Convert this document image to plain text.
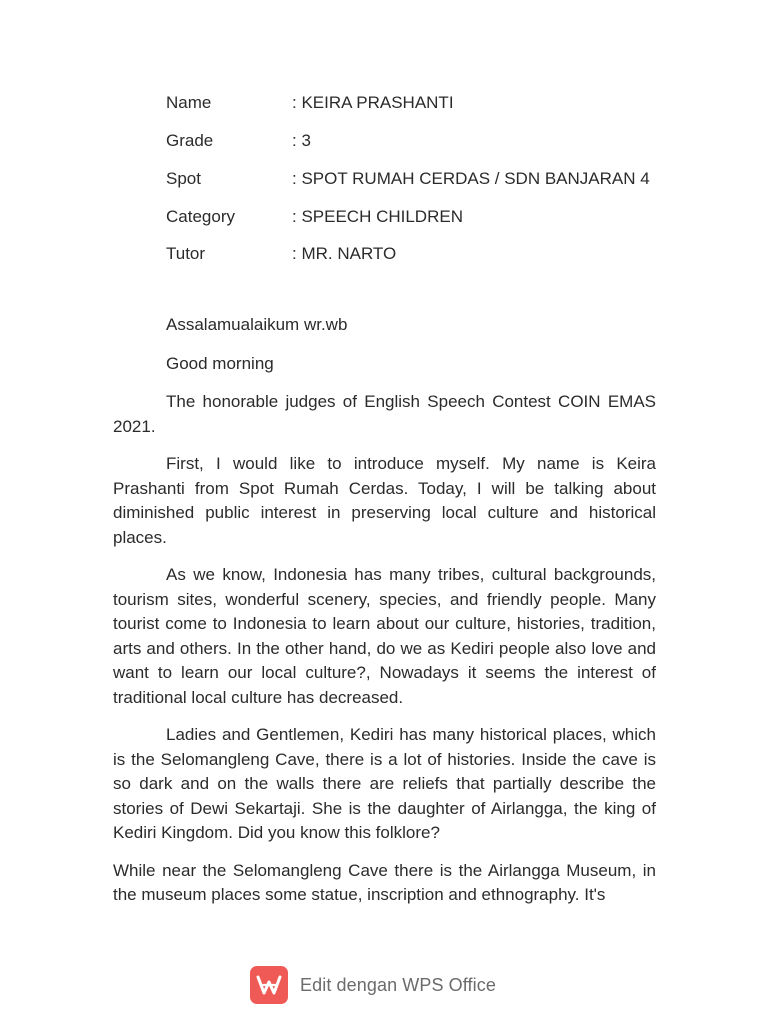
Name	: KEIRA PRASHANTI
Grade	: 3
Spot	: SPOT RUMAH CERDAS / SDN BANJARAN 4
Category	: SPEECH CHILDREN
Tutor	: MR. NARTO

Assalamualaikum wr.wb

Good morning

The honorable judges of English Speech Contest COIN EMAS 2021.

First, I would like to introduce myself. My name is Keira Prashanti from Spot Rumah Cerdas. Today, I will be talking about diminished public interest in preserving local culture and historical places.

As we know, Indonesia has many tribes, cultural backgrounds, tourism sites, wonderful scenery, species, and friendly people. Many tourist come to Indonesia to learn about our culture, histories, tradition, arts and others. In the other hand, do we as Kediri people also love and want to learn our local culture?, Nowadays it seems the interest of traditional local culture has decreased.

Ladies and Gentlemen, Kediri has many historical places, which is the Selomangleng Cave, there is a lot of histories. Inside the cave is so dark and on the walls there are reliefs that partially describe the stories of Dewi Sekartaji. She is the daughter of Airlangga, the king of Kediri Kingdom. Did you know this folklore?

While near the Selomangleng Cave there is the Airlangga Museum, in the museum places some statue, inscription and ethnography. It's

Edit dengan WPS Office
